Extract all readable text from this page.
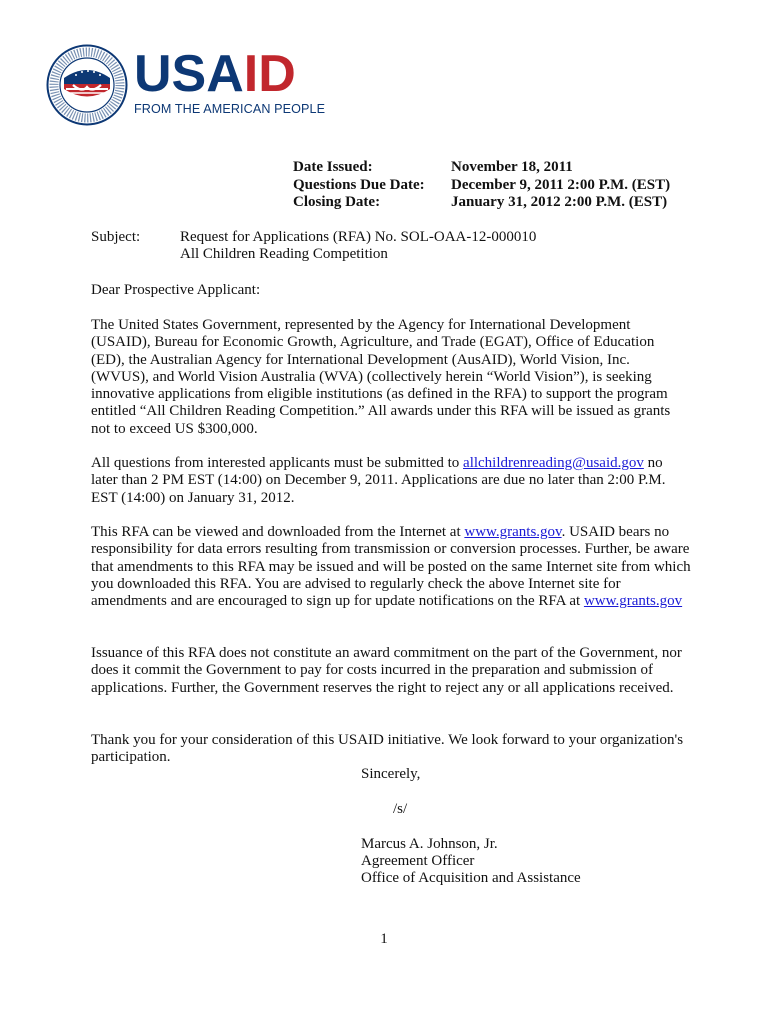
USAID
FROM THE AMERICAN PEOPLE
Date Issued:	November 18, 2011
Questions Due Date: December 9, 2011 2:00 P.M. (EST)
Closing Date:	January 31, 2012 2:00 P.M. (EST)
Subject:	Request for Applications (RFA) No. SOL-OAA-12-000010
All Children Reading Competition

Dear Prospective Applicant:

The United States Government, represented by the Agency for International Development (USAID), Bureau for Economic Growth, Agriculture, and Trade (EGAT), Office of Education (ED), the Australian Agency for International Development (AusAID), World Vision, Inc. (WVUS), and World Vision Australia (WVA) (collectively herein “World Vision”), is seeking innovative applications from eligible institutions (as defined in the RFA) to support the program entitled “All Children Reading Competition.” All awards under this RFA will be issued as grants not to exceed US $300,000.

All questions from interested applicants must be submitted to allchildrenreading@usaid.gov no later than 2 PM EST (14:00) on December 9, 2011. Applications are due no later than 2:00 P.M. EST (14:00) on January 31, 2012.

This RFA can be viewed and downloaded from the Internet at www.grants.gov. USAID bears no responsibility for data errors resulting from transmission or conversion processes. Further, be aware that amendments to this RFA may be issued and will be posted on the same Internet site from which you downloaded this RFA. You are advised to regularly check the above Internet site for amendments and are encouraged to sign up for update notifications on the RFA at www.grants.gov

Issuance of this RFA does not constitute an award commitment on the part of the Government, nor does it commit the Government to pay for costs incurred in the preparation and submission of applications. Further, the Government reserves the right to reject any or all applications received.

Thank you for your consideration of this USAID initiative. We look forward to your organization's participation.

Sincerely,
/s/
Marcus A. Johnson, Jr.
Agreement Officer
Office of Acquisition and Assistance
1
